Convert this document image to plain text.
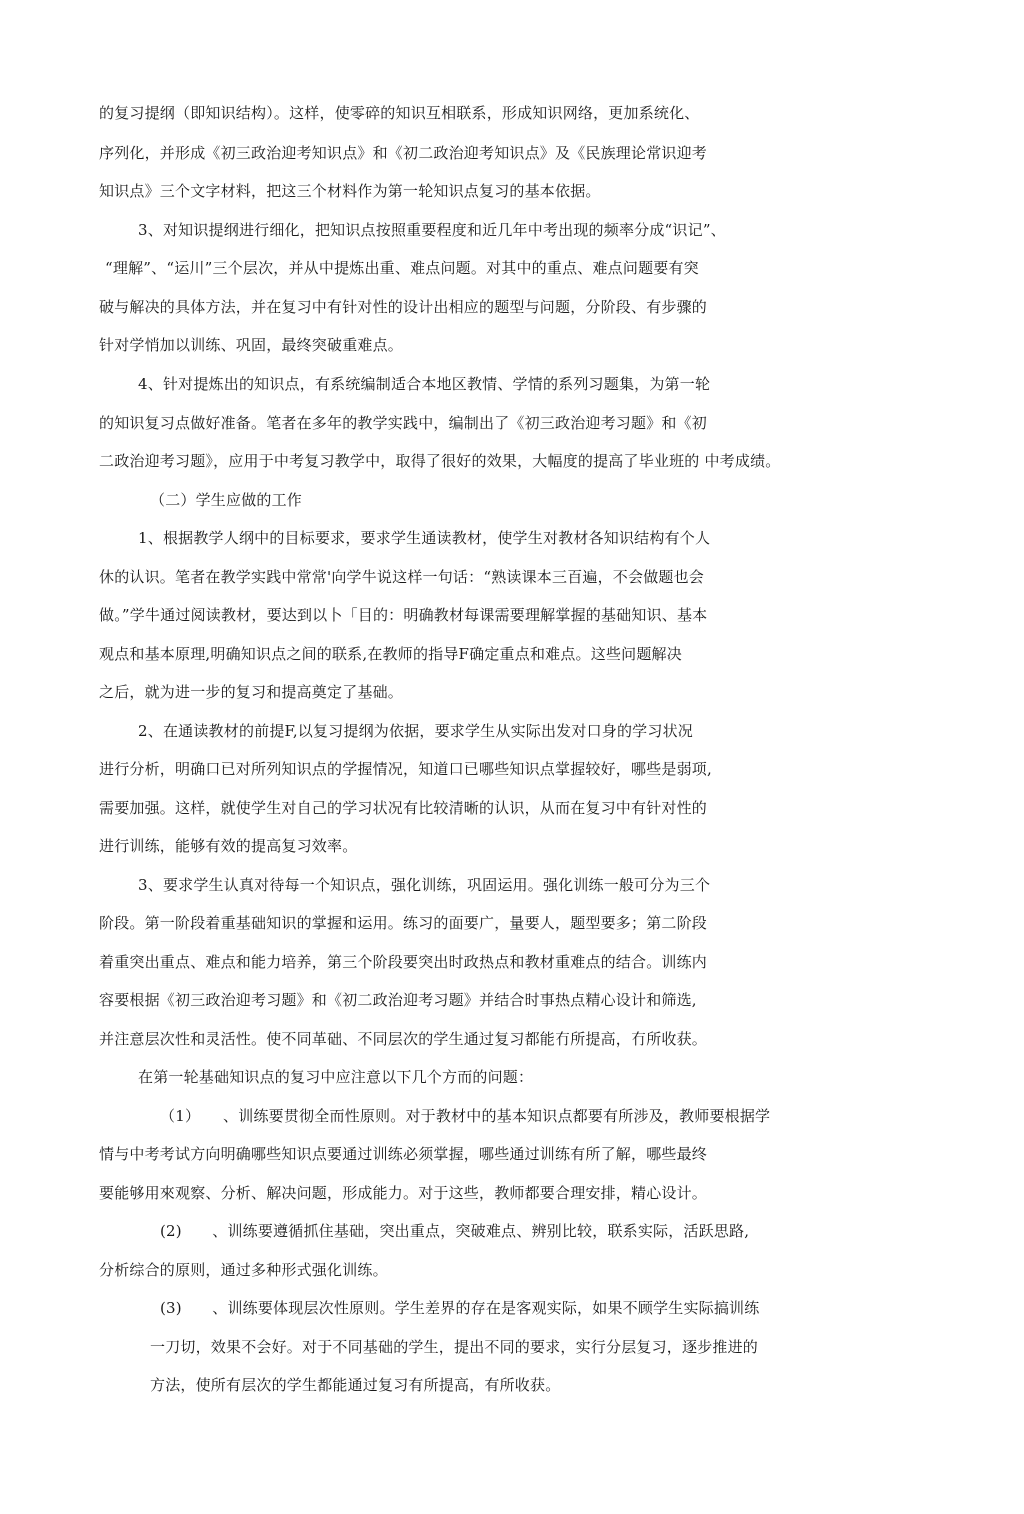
的复习提纲（即知识结构）。这样，使零碎的知识互相联系，形成知识网络，更加系统化、
序列化，并形成《初三政治迎考知识点》和《初二政治迎考知识点》及《民族理论常识迎考
知识点》三个文字材料，把这三个材料作为第一轮知识点复习的基本依据。
3、对知识提纲进行细化，把知识点按照重要程度和近几年中考出现的频率分成“识记”、
“理解”、“运川”三个层次，并从中提炼出重、难点问题。对其中的重点、难点问题要有突
破与解决的具体方法，并在复习中有针对性的设计出相应的题型与问题，分阶段、有步骤的
针对学悄加以训练、巩固，最终突破重难点。
4、针对提炼出的知识点，有系统编制适合本地区教情、学情的系列习题集，为第一轮
的知识复习点做好准备。笔者在多年的教学实践中，编制出了《初三政治迎考习题》和《初
二政治迎考习题》，应用于中考复习教学中，取得了很好的效果，大幅度的提高了毕业班的 中考成绩。
（二）学生应做的工作
1、根据教学人纲中的目标要求，要求学生通读教材，使学生对教材各知识结构有个人
休的认识。笔者在教学实践中常常'向学牛说这样一句话：“熟读课本三百遍，不会做题也会
做。”学牛通过阅读教材，要达到以卜「目的：明确教材每课需要理解掌握的基础知识、基本
观点和基本原理,明确知识点之间的联系,在教师的指导F确定重点和难点。这些问题解决
之后，就为进一步的复习和提高奠定了基础。
2、在通读教材的前提F,以复习提纲为依据，要求学生从实际出发对口身的学习状况
进行分析，明确口已对所列知识点的学握情况，知道口已哪些知识点掌握较好，哪些是弱项,
需要加强。这样，就使学生对自己的学习状况有比较清晰的认识，从而在复习中有针对性的
进行训练，能够有效的提高复习效率。
3、要求学生认真对待每一个知识点，强化训练，巩固运用。强化训练一般可分为三个
阶段。第一阶段着重基础知识的掌握和运用。练习的面要广，量要人，题型要多；第二阶段
着重突出重点、难点和能力培养，第三个阶段要突出时政热点和教材重难点的结合。训练内
容要根据《初三政治迎考习题》和《初二政治迎考习题》并结合时事热点精心设计和筛选,
并注意层次性和灵活性。使不同革础、不同层次的学生通过复习都能冇所提高，冇所收获。
在第一轮基础知识点的复习中应注意以下几个方而的问题：
（1）　　、训练要贯彻全而性原则。对于教材中的基本知识点都要有所涉及，教师要根据学
情与中考考试方向明确哪些知识点要通过训练必须掌握，哪些通过训练有所了解，哪些最终
要能够用來观察、分析、解决问题，形成能力。对于这些，教师都要合理安排，精心设计。
(2)　　、训练要遵循抓住基础，突出重点，突破难点、辨别比较，联系实际，活跃思路,
分析综合的原则，通过多种形式强化训练。
(3)　　、训练要体现层次性原则。学生差界的存在是客观实际，如果不顾学生实际搞训练
一刀切，效果不会好。对于不同基础的学生，提出不同的要求，实行分层复习，逐步推进的
方法，使所有层次的学生都能通过复习有所提高，有所收获。
